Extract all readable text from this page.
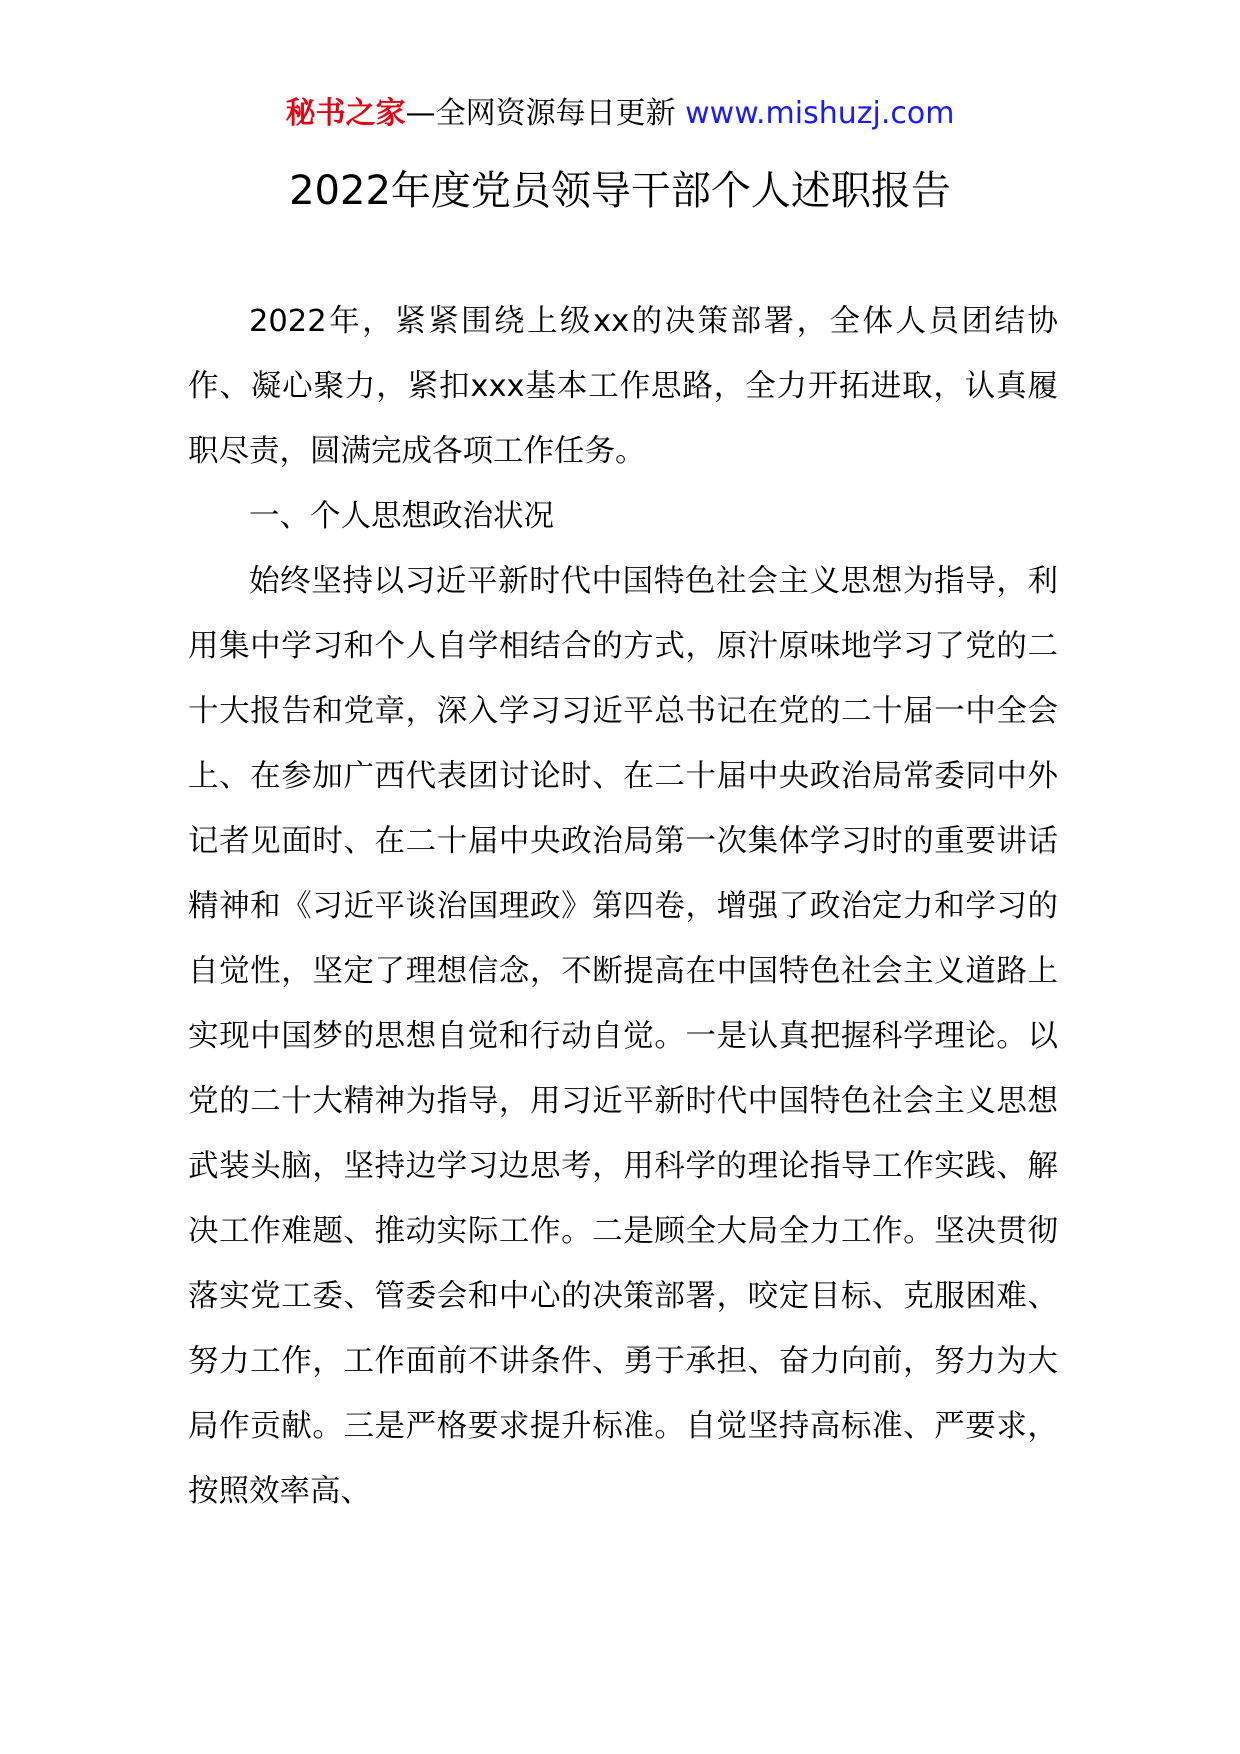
秘书之家—全网资源每日更新 www.mishuzj.com
2022年度党员领导干部个人述职报告

2022年，紧紧围绕上级xx的决策部署，全体人员团结协作、凝心聚力，紧扣xxx基本工作思路，全力开拓进取，认真履职尽责，圆满完成各项工作任务。

一、个人思想政治状况

始终坚持以习近平新时代中国特色社会主义思想为指导，利用集中学习和个人自学相结合的方式，原汁原味地学习了党的二十大报告和党章，深入学习习近平总书记在党的二十届一中全会上、在参加广西代表团讨论时、在二十届中央政治局常委同中外记者见面时、在二十届中央政治局第一次集体学习时的重要讲话精神和《习近平谈治国理政》第四卷，增强了政治定力和学习的自觉性，坚定了理想信念，不断提高在中国特色社会主义道路上实现中国梦的思想自觉和行动自觉。一是认真把握科学理论。以党的二十大精神为指导，用习近平新时代中国特色社会主义思想武装头脑，坚持边学习边思考，用科学的理论指导工作实践、解决工作难题、推动实际工作。二是顾全大局全力工作。坚决贯彻落实党工委、管委会和中心的决策部署，咬定目标、克服困难、努力工作，工作面前不讲条件、勇于承担、奋力向前，努力为大局作贡献。三是严格要求提升标准。自觉坚持高标准、严要求，按照效率高、
